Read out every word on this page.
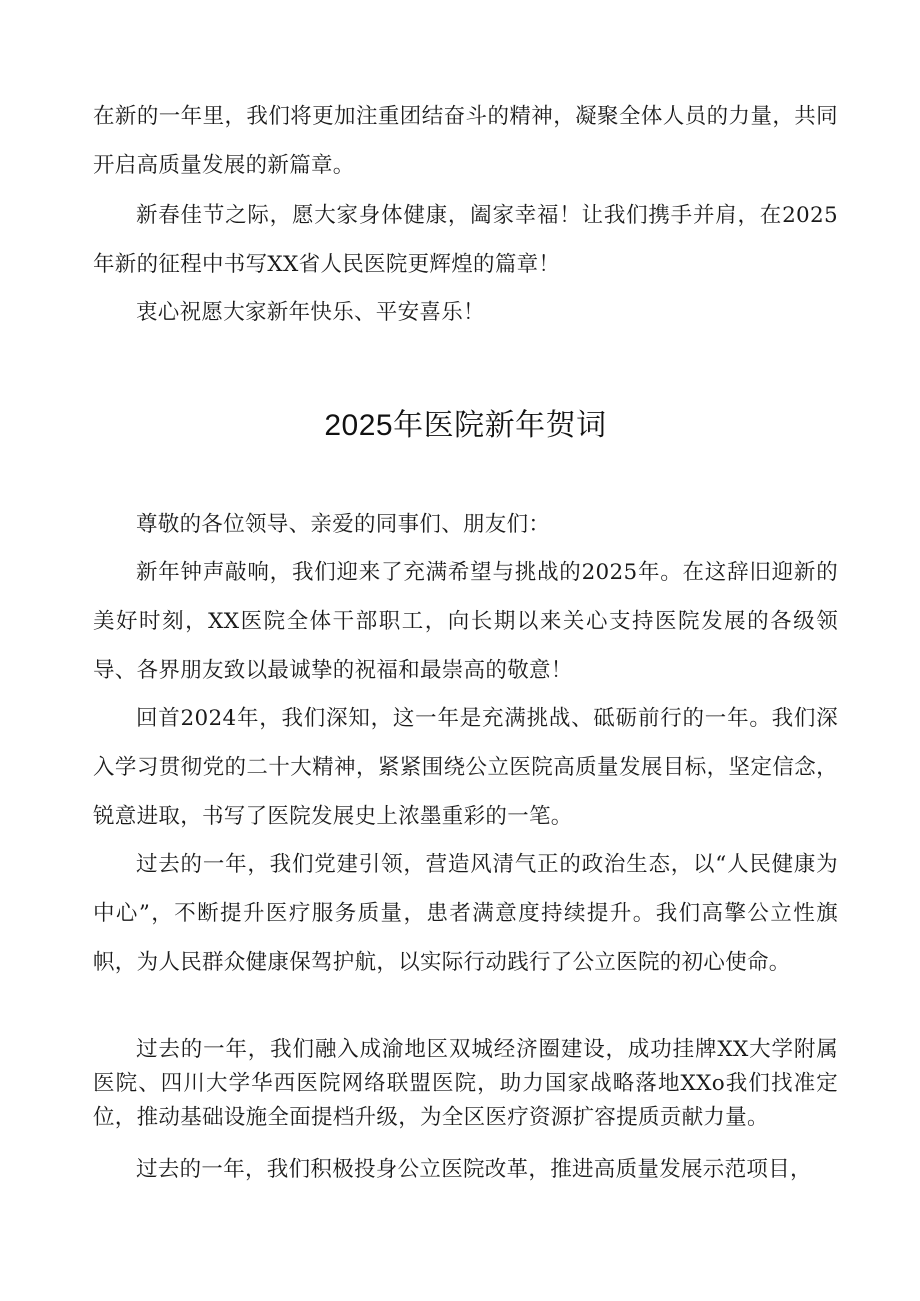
在新的一年里，我们将更加注重团结奋斗的精神，凝聚全体人员的力量，共同开启高质量发展的新篇章。

新春佳节之际，愿大家身体健康，阖家幸福！让我们携手并肩，在2025年新的征程中书写XX省人民医院更辉煌的篇章！

衷心祝愿大家新年快乐、平安喜乐！

2025年医院新年贺词

尊敬的各位领导、亲爱的同事们、朋友们：

新年钟声敲响，我们迎来了充满希望与挑战的2025年。在这辞旧迎新的美好时刻，XX医院全体干部职工，向长期以来关心支持医院发展的各级领导、各界朋友致以最诚挚的祝福和最崇高的敬意！

回首2024年，我们深知，这一年是充满挑战、砥砺前行的一年。我们深入学习贯彻党的二十大精神，紧紧围绕公立医院高质量发展目标，坚定信念，锐意进取，书写了医院发展史上浓墨重彩的一笔。

过去的一年，我们党建引领，营造风清气正的政治生态，以“人民健康为中心”，不断提升医疗服务质量，患者满意度持续提升。我们高擎公立性旗帜，为人民群众健康保驾护航，以实际行动践行了公立医院的初心使命。

过去的一年，我们融入成渝地区双城经济圈建设，成功挂牌XX大学附属医院、四川大学华西医院网络联盟医院，助力国家战略落地XXo我们找准定位，推动基础设施全面提档升级，为全区医疗资源扩容提质贡献力量。

过去的一年，我们积极投身公立医院改革，推进高质量发展示范项目，
